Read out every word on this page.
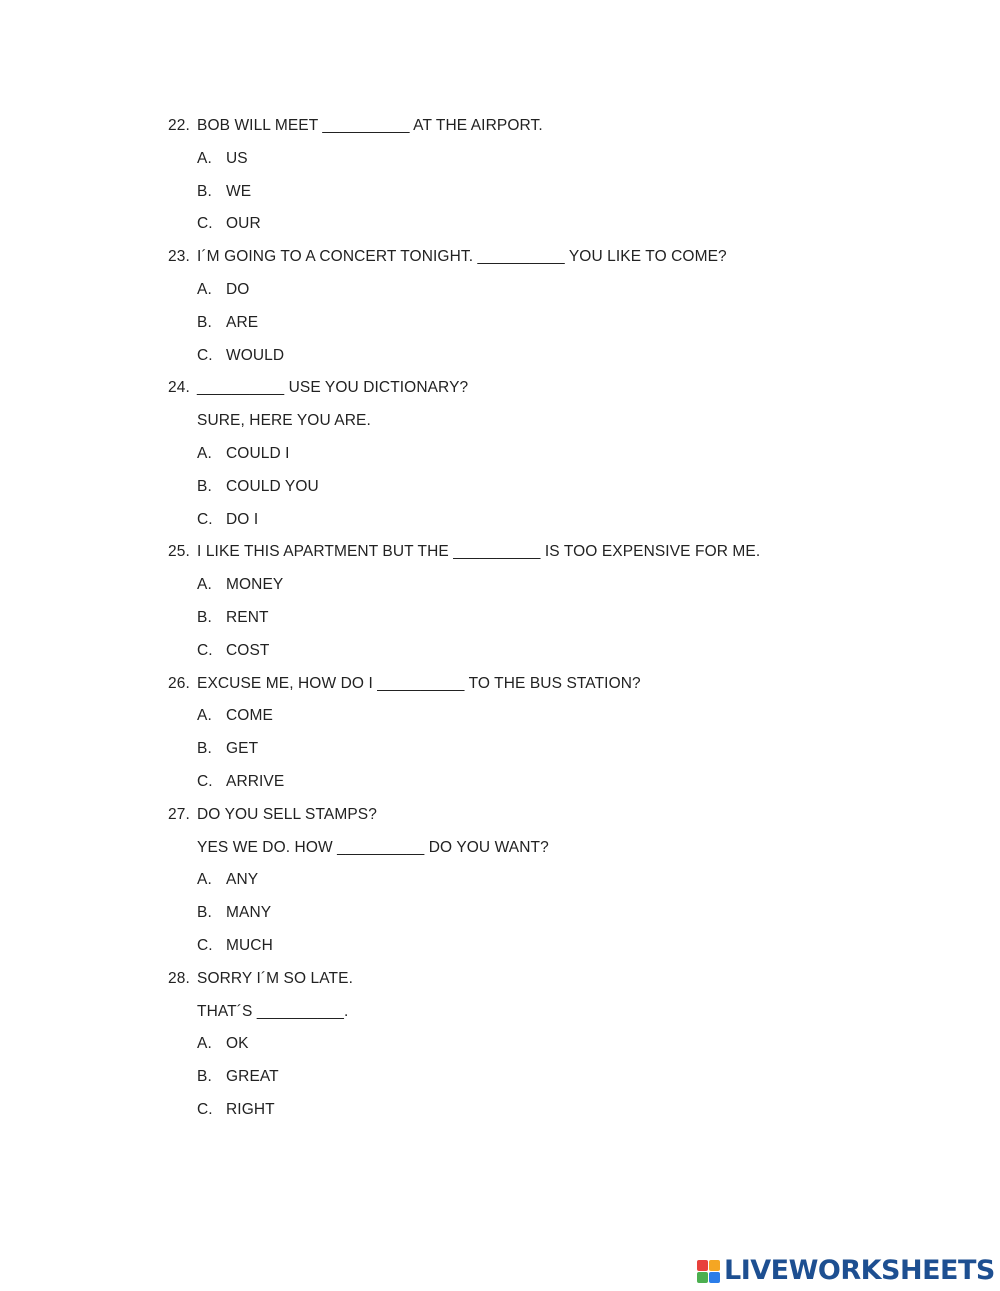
22. BOB WILL MEET __________ AT THE AIRPORT.
A. US
B. WE
C. OUR
23. I´M GOING TO A CONCERT TONIGHT. __________ YOU LIKE TO COME?
A. DO
B. ARE
C. WOULD
24. __________ USE YOU DICTIONARY?
SURE, HERE YOU ARE.
A. COULD I
B. COULD YOU
C. DO I
25. I LIKE THIS APARTMENT BUT THE __________ IS TOO EXPENSIVE FOR ME.
A. MONEY
B. RENT
C. COST
26. EXCUSE ME, HOW DO I __________ TO THE BUS STATION?
A. COME
B. GET
C. ARRIVE
27. DO YOU SELL STAMPS?
YES WE DO. HOW __________ DO YOU WANT?
A. ANY
B. MANY
C. MUCH
28. SORRY I´M SO LATE.
THAT´S __________.
A. OK
B. GREAT
C. RIGHT
LIVEWORKSHEETS
